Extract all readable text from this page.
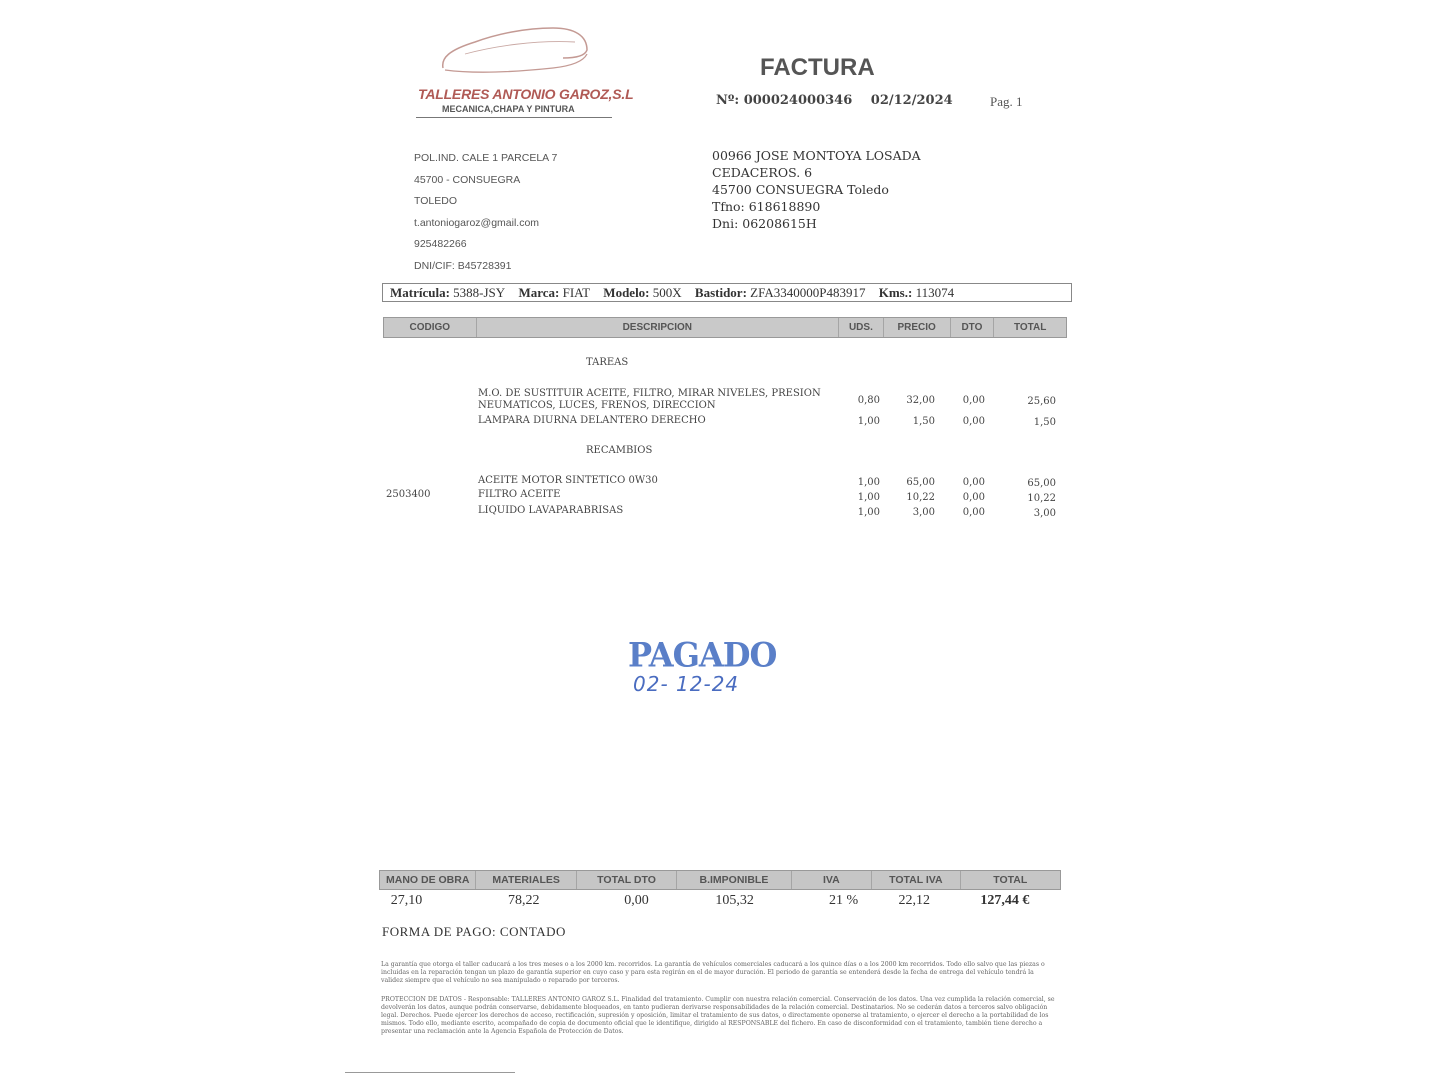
TALLERES ANTONIO GAROZ,S.L
MECANICA,CHAPA Y PINTURA
FACTURA
Nº: 000024000346 02/12/2024	Pag. 1
POL.IND. CALE 1 PARCELA 7
45700 - CONSUEGRA
TOLEDO
t.antoniogaroz@gmail.com
925482266
DNI/CIF: B45728391
00966 JOSE MONTOYA LOSADA
CEDACEROS. 6
45700 CONSUEGRA Toledo
Tfno: 618618890
Dni: 06208615H
Matrícula: 5388-JSY Marca: FIAT Modelo: 500X Bastidor: ZFA3340000P483917 Kms.: 113074
CODIGO	DESCRIPCION	UDS.	PRECIO	DTO	TOTAL
TAREAS
M.O. DE SUSTITUIR ACEITE, FILTRO, MIRAR NIVELES, PRESION
NEUMATICOS, LUCES, FRENOS, DIRECCION	0,80	32,00	0,00	25,60
LAMPARA DIURNA DELANTERO DERECHO	1,00	1,50	0,00	1,50
RECAMBIOS
ACEITE MOTOR SINTETICO 0W30	1,00	65,00	0,00	65,00
2503400	FILTRO ACEITE	1,00	10,22	0,00	10,22
LIQUIDO LAVAPARABRISAS	1,00	3,00	0,00	3,00
PAGADO
02- 12-24
MANO DE OBRA	MATERIALES	TOTAL DTO	B.IMPONIBLE	IVA	TOTAL IVA	TOTAL
27,10	78,22	0,00	105,32	21 %	22,12	127,44 €
FORMA DE PAGO: CONTADO
La garantía que otorga el taller caducará a los tres meses o a los 2000 km. recorridos. La garantía de vehículos comerciales caducará a los quince días o a los 2000 km recorridos. Todo ello salvo que las piezas o incluidas en la reparación tengan un plazo de garantía superior en cuyo caso y para esta regirán en el de mayor duración. El periodo de garantía se entenderá desde la fecha de entrega del vehículo tendrá la validez siempre que el vehículo no sea manipulado o reparado por terceros.
PROTECCION DE DATOS - Responsable: TALLERES ANTONIO GAROZ S.L. Finalidad del tratamiento. Cumplir con nuestra relación comercial. Conservación de los datos. Una vez cumplida la relación comercial, se devolverán los datos, aunque podrán conservarse, debidamente bloqueados, en tanto pudieran derivarse responsabilidades de la relación comercial. Destinatarios. No se cederán datos a terceros salvo obligación legal. Derechos. Puede ejercer los derechos de acceso, rectificación, supresión y oposición, limitar el tratamiento de sus datos, o directamente oponerse al tratamiento, o ejercer el derecho a la portabilidad de los mismos. Todo ello, mediante escrito, acompañado de copia de documento oficial que le identifique, dirigido al RESPONSABLE del fichero. En caso de disconformidad con el tratamiento, también tiene derecho a presentar una reclamación ante la Agencia Española de Protección de Datos.
